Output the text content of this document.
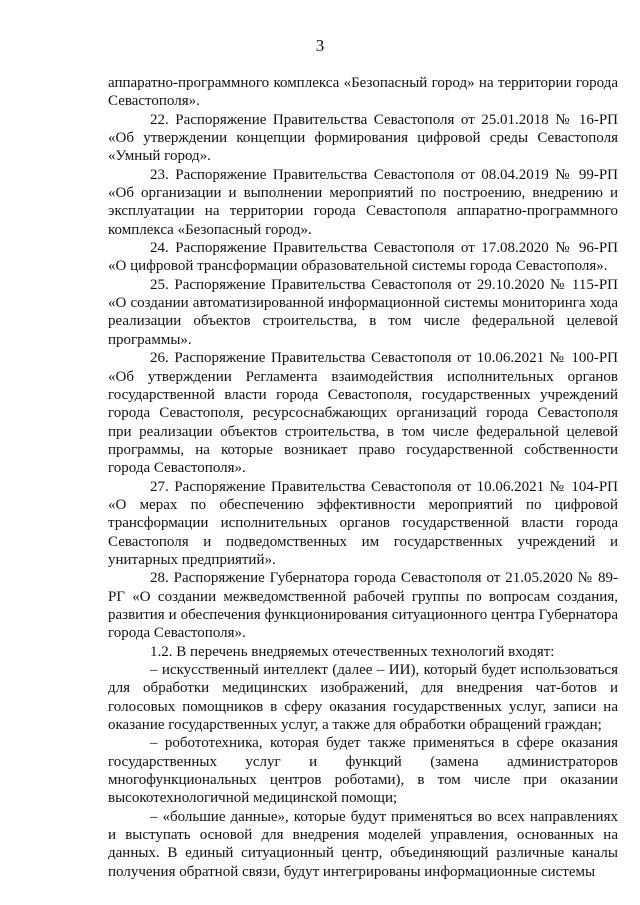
3

аппаратно-программного комплекса «Безопасный город» на территории города Севастополя».

22. Распоряжение Правительства Севастополя от 25.01.2018 № 16-РП «Об утверждении концепции формирования цифровой среды Севастополя «Умный город».

23. Распоряжение Правительства Севастополя от 08.04.2019 № 99-РП «Об организации и выполнении мероприятий по построению, внедрению и эксплуатации на территории города Севастополя аппаратно-программного комплекса «Безопасный город».

24. Распоряжение Правительства Севастополя от 17.08.2020 № 96-РП «О цифровой трансформации образовательной системы города Севастополя».

25. Распоряжение Правительства Севастополя от 29.10.2020 № 115-РП «О создании автоматизированной информационной системы мониторинга хода реализации объектов строительства, в том числе федеральной целевой программы».

26. Распоряжение Правительства Севастополя от 10.06.2021 № 100-РП «Об утверждении Регламента взаимодействия исполнительных органов государственной власти города Севастополя, государственных учреждений города Севастополя, ресурсоснабжающих организаций города Севастополя при реализации объектов строительства, в том числе федеральной целевой программы, на которые возникает право государственной собственности города Севастополя».

27. Распоряжение Правительства Севастополя от 10.06.2021 № 104-РП «О мерах по обеспечению эффективности мероприятий по цифровой трансформации исполнительных органов государственной власти города Севастополя и подведомственных им государственных учреждений и унитарных предприятий».

28. Распоряжение Губернатора города Севастополя от 21.05.2020 № 89-РГ «О создании межведомственной рабочей группы по вопросам создания, развития и обеспечения функционирования ситуационного центра Губернатора города Севастополя».

1.2. В перечень внедряемых отечественных технологий входят:

– искусственный интеллект (далее – ИИ), который будет использоваться для обработки медицинских изображений, для внедрения чат-ботов и голосовых помощников в сферу оказания государственных услуг, записи на оказание государственных услуг, а также для обработки обращений граждан;

– робототехника, которая будет также применяться в сфере оказания государственных услуг и функций (замена администраторов многофункциональных центров роботами), в том числе при оказании высокотехнологичной медицинской помощи;

– «большие данные», которые будут применяться во всех направлениях и выступать основой для внедрения моделей управления, основанных на данных. В единый ситуационный центр, объединяющий различные каналы получения обратной связи, будут интегрированы информационные системы
